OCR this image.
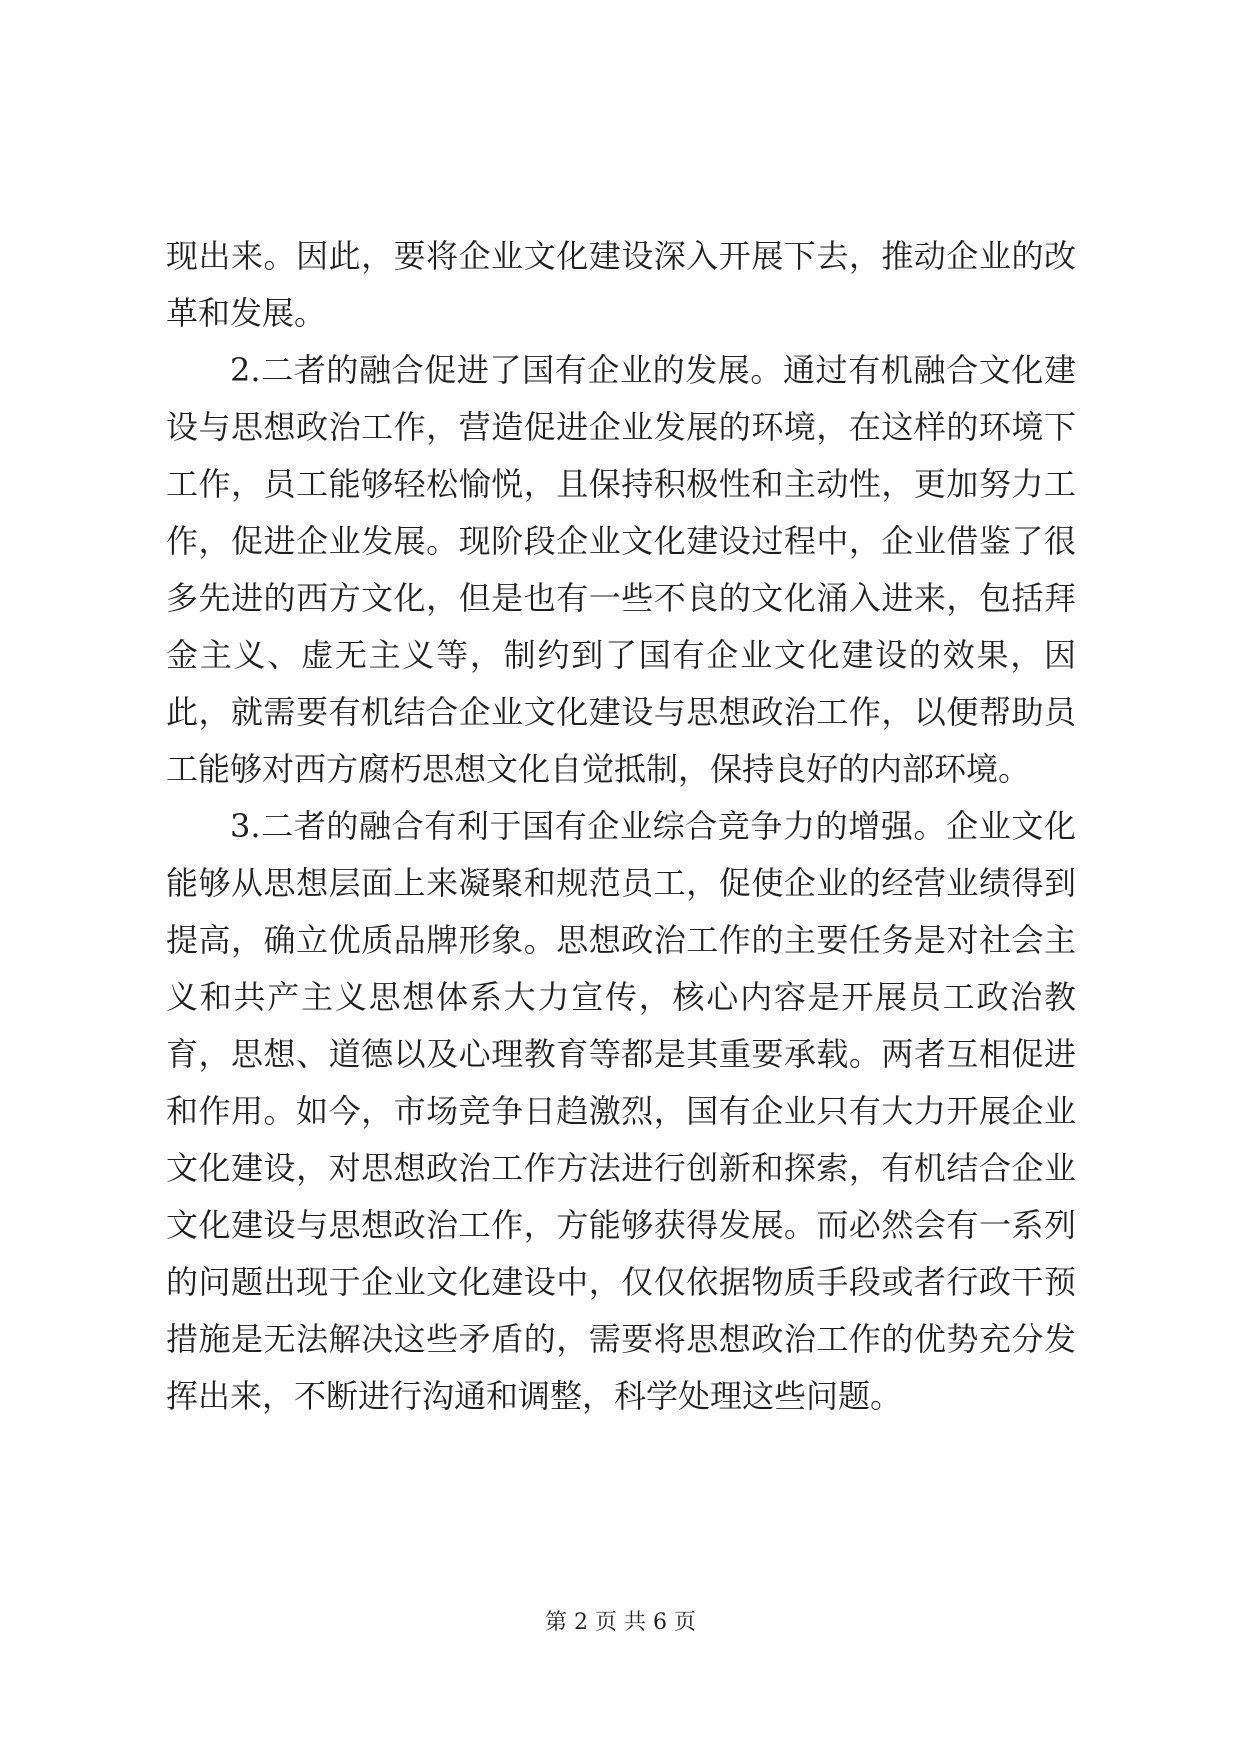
现出来。因此，要将企业文化建设深入开展下去，推动企业的改革和发展。

2.二者的融合促进了国有企业的发展。通过有机融合文化建设与思想政治工作，营造促进企业发展的环境，在这样的环境下工作，员工能够轻松愉悦，且保持积极性和主动性，更加努力工作，促进企业发展。现阶段企业文化建设过程中，企业借鉴了很多先进的西方文化，但是也有一些不良的文化涌入进来，包括拜金主义、虚无主义等，制约到了国有企业文化建设的效果，因此，就需要有机结合企业文化建设与思想政治工作，以便帮助员工能够对西方腐朽思想文化自觉抵制，保持良好的内部环境。

3.二者的融合有利于国有企业综合竞争力的增强。企业文化能够从思想层面上来凝聚和规范员工，促使企业的经营业绩得到提高，确立优质品牌形象。思想政治工作的主要任务是对社会主义和共产主义思想体系大力宣传，核心内容是开展员工政治教育，思想、道德以及心理教育等都是其重要承载。两者互相促进和作用。如今，市场竞争日趋激烈，国有企业只有大力开展企业文化建设，对思想政治工作方法进行创新和探索，有机结合企业文化建设与思想政治工作，方能够获得发展。而必然会有一系列的问题出现于企业文化建设中，仅仅依据物质手段或者行政干预措施是无法解决这些矛盾的，需要将思想政治工作的优势充分发挥出来，不断进行沟通和调整，科学处理这些问题。

第 2 页 共 6 页
